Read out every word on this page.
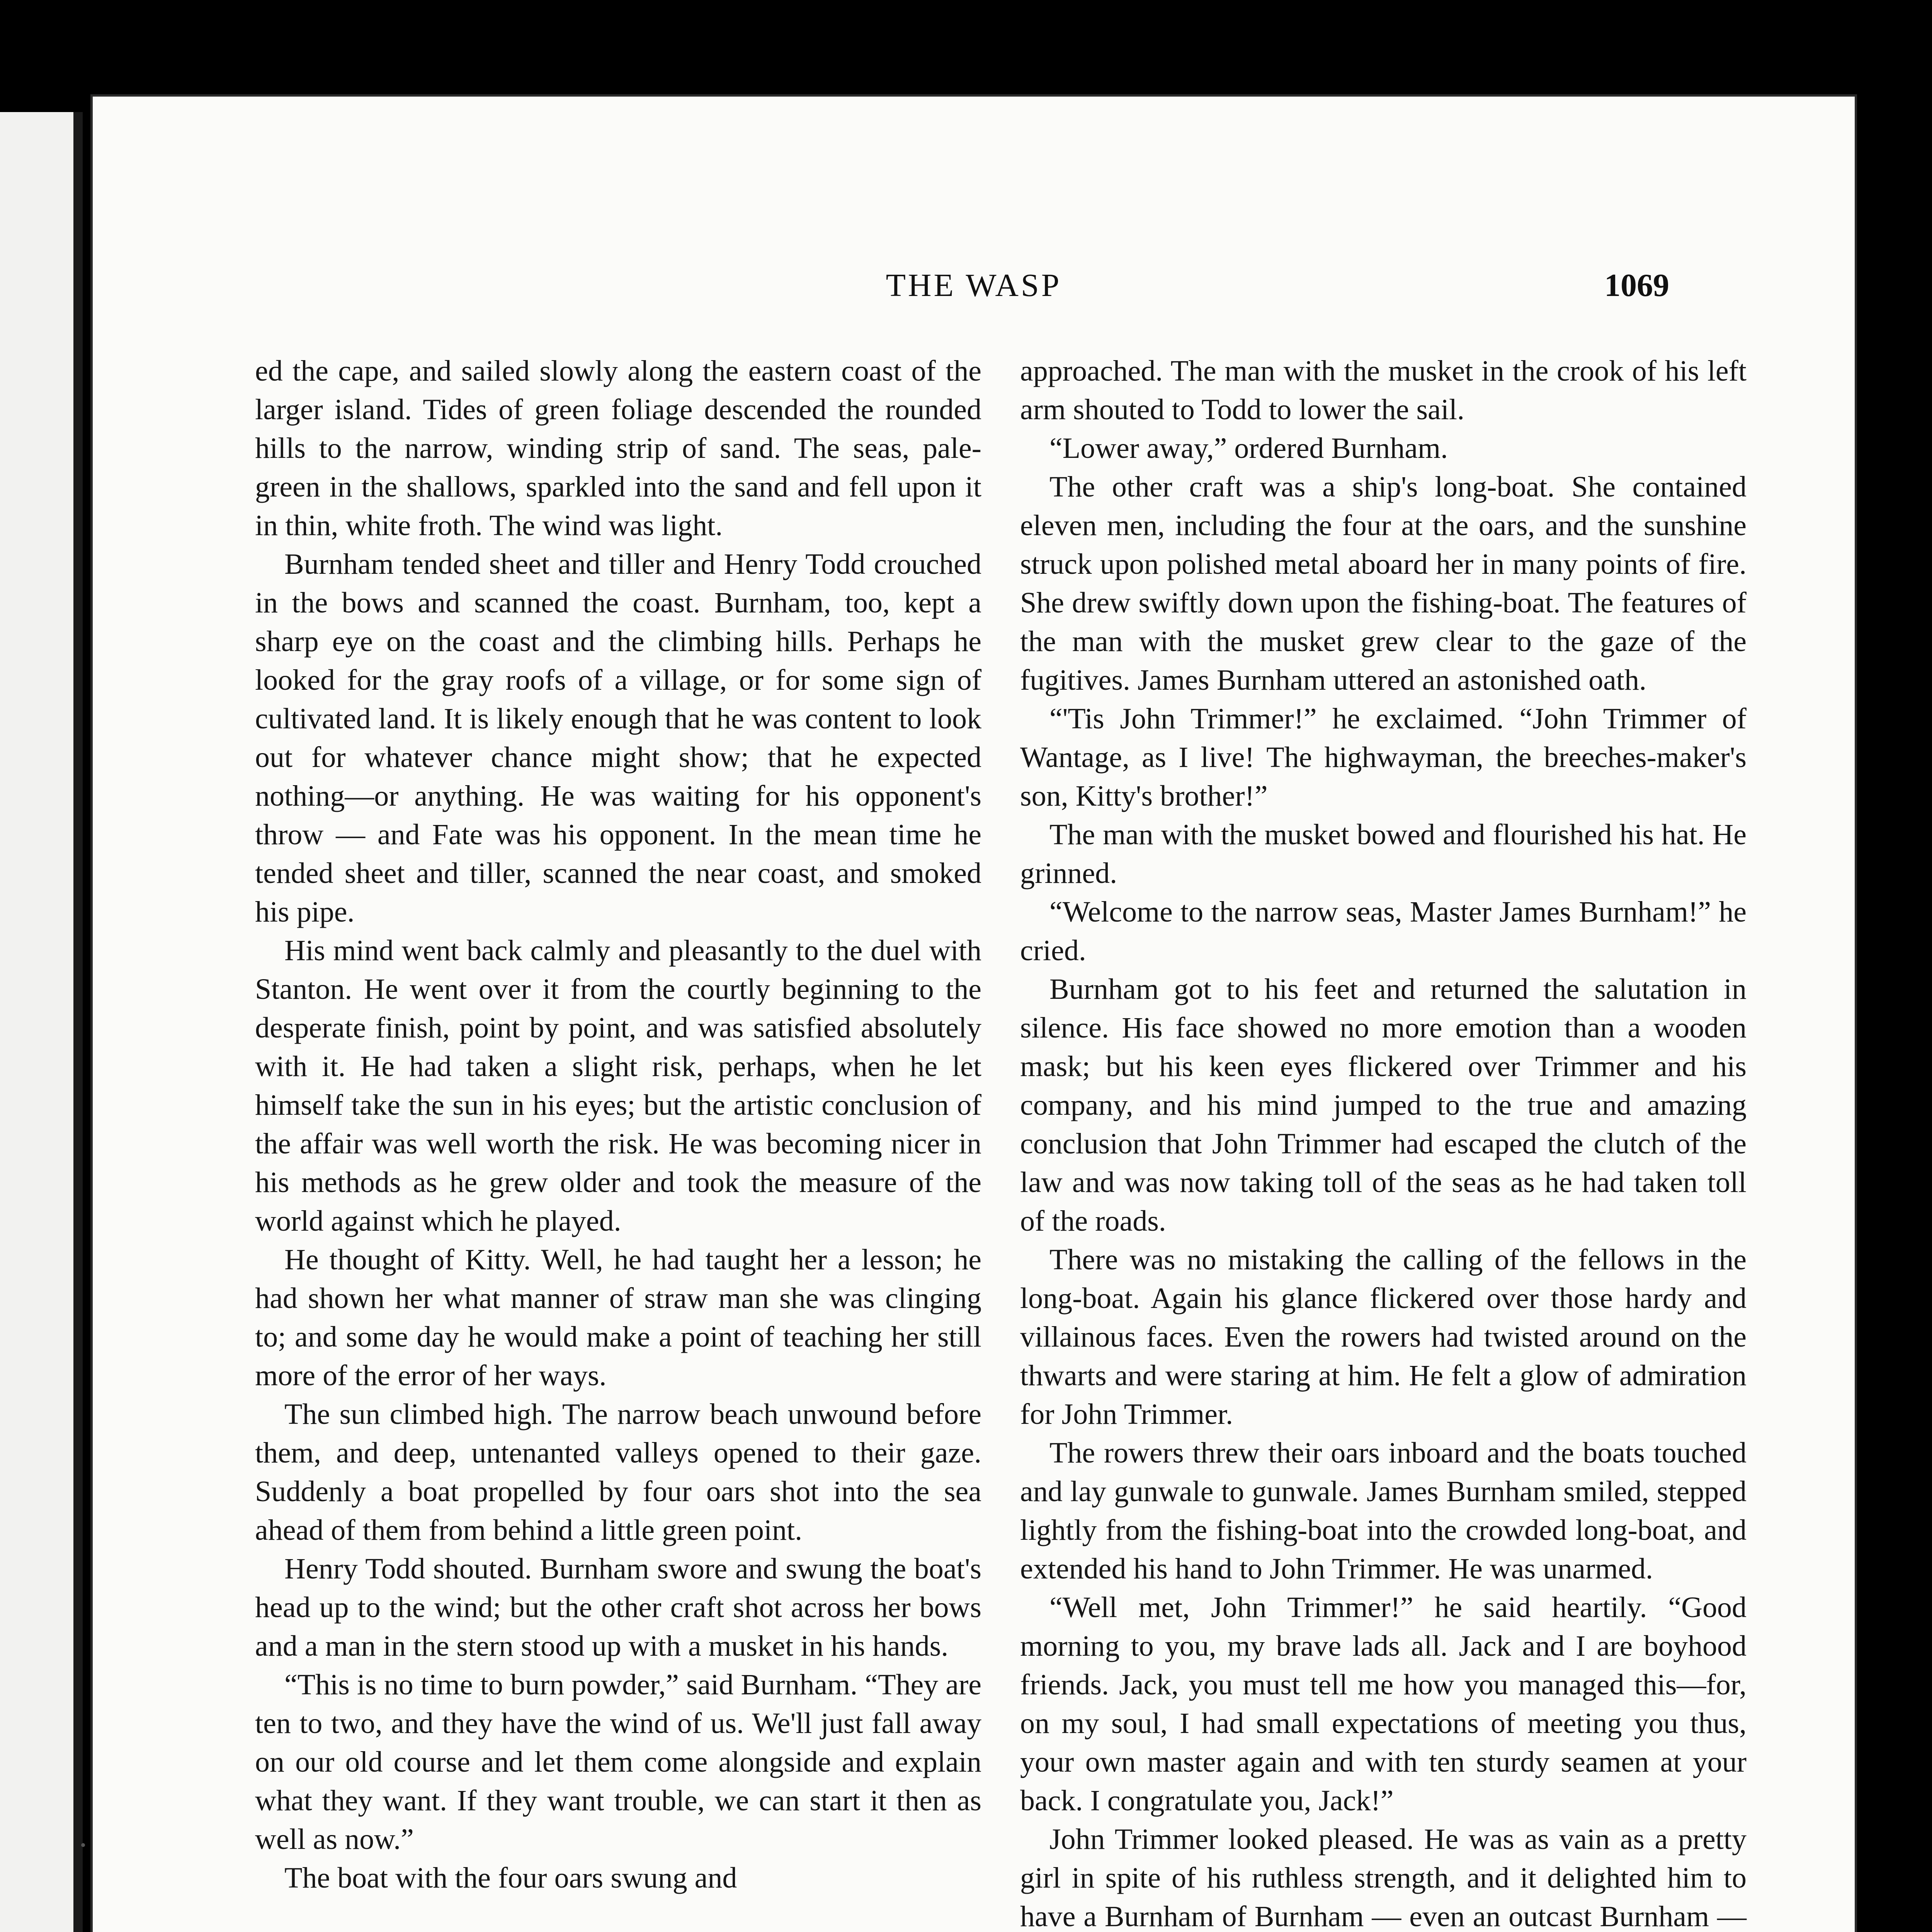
THE WASP	1069

ed the cape, and sailed slowly along the eastern coast of the larger island. Tides of green foliage descended the rounded hills to the narrow, winding strip of sand. The seas, pale-green in the shallows, sparkled into the sand and fell upon it in thin, white froth. The wind was light.

Burnham tended sheet and tiller and Henry Todd crouched in the bows and scanned the coast. Burnham, too, kept a sharp eye on the coast and the climbing hills. Perhaps he looked for the gray roofs of a village, or for some sign of cultivated land. It is likely enough that he was content to look out for whatever chance might show; that he expected nothing—or anything. He was waiting for his opponent's throw — and Fate was his opponent. In the mean time he tended sheet and tiller, scanned the near coast, and smoked his pipe.

His mind went back calmly and pleasantly to the duel with Stanton. He went over it from the courtly beginning to the desperate finish, point by point, and was satisfied absolutely with it. He had taken a slight risk, perhaps, when he let himself take the sun in his eyes; but the artistic conclusion of the affair was well worth the risk. He was becoming nicer in his methods as he grew older and took the measure of the world against which he played.

He thought of Kitty. Well, he had taught her a lesson; he had shown her what manner of straw man she was clinging to; and some day he would make a point of teaching her still more of the error of her ways.

The sun climbed high. The narrow beach unwound before them, and deep, untenanted valleys opened to their gaze. Suddenly a boat propelled by four oars shot into the sea ahead of them from behind a little green point.

Henry Todd shouted. Burnham swore and swung the boat's head up to the wind; but the other craft shot across her bows and a man in the stern stood up with a musket in his hands.

“This is no time to burn powder,” said Burnham. “They are ten to two, and they have the wind of us. We'll just fall away on our old course and let them come alongside and explain what they want. If they want trouble, we can start it then as well as now.”

The boat with the four oars swung and

approached. The man with the musket in the crook of his left arm shouted to Todd to lower the sail.

“Lower away,” ordered Burnham.

The other craft was a ship's long-boat. She contained eleven men, including the four at the oars, and the sunshine struck upon polished metal aboard her in many points of fire. She drew swiftly down upon the fishing-boat. The features of the man with the musket grew clear to the gaze of the fugitives. James Burnham uttered an astonished oath.

“'Tis John Trimmer!” he exclaimed. “John Trimmer of Wantage, as I live! The highwayman, the breeches-maker's son, Kitty's brother!”

The man with the musket bowed and flourished his hat. He grinned.

“Welcome to the narrow seas, Master James Burnham!” he cried.

Burnham got to his feet and returned the salutation in silence. His face showed no more emotion than a wooden mask; but his keen eyes flickered over Trimmer and his company, and his mind jumped to the true and amazing conclusion that John Trimmer had escaped the clutch of the law and was now taking toll of the seas as he had taken toll of the roads.

There was no mistaking the calling of the fellows in the long-boat. Again his glance flickered over those hardy and villainous faces. Even the rowers had twisted around on the thwarts and were staring at him. He felt a glow of admiration for John Trimmer.

The rowers threw their oars inboard and the boats touched and lay gunwale to gunwale. James Burnham smiled, stepped lightly from the fishing-boat into the crowded long-boat, and extended his hand to John Trimmer. He was unarmed.

“Well met, John Trimmer!” he said heartily. “Good morning to you, my brave lads all. Jack and I are boyhood friends. Jack, you must tell me how you managed this—for, on my soul, I had small expectations of meeting you thus, your own master again and with ten sturdy seamen at your back. I congratulate you, Jack!”

John Trimmer looked pleased. He was as vain as a pretty girl in spite of his ruthless strength, and it delighted him to have a Burnham of Burnham — even an outcast Burnham —
